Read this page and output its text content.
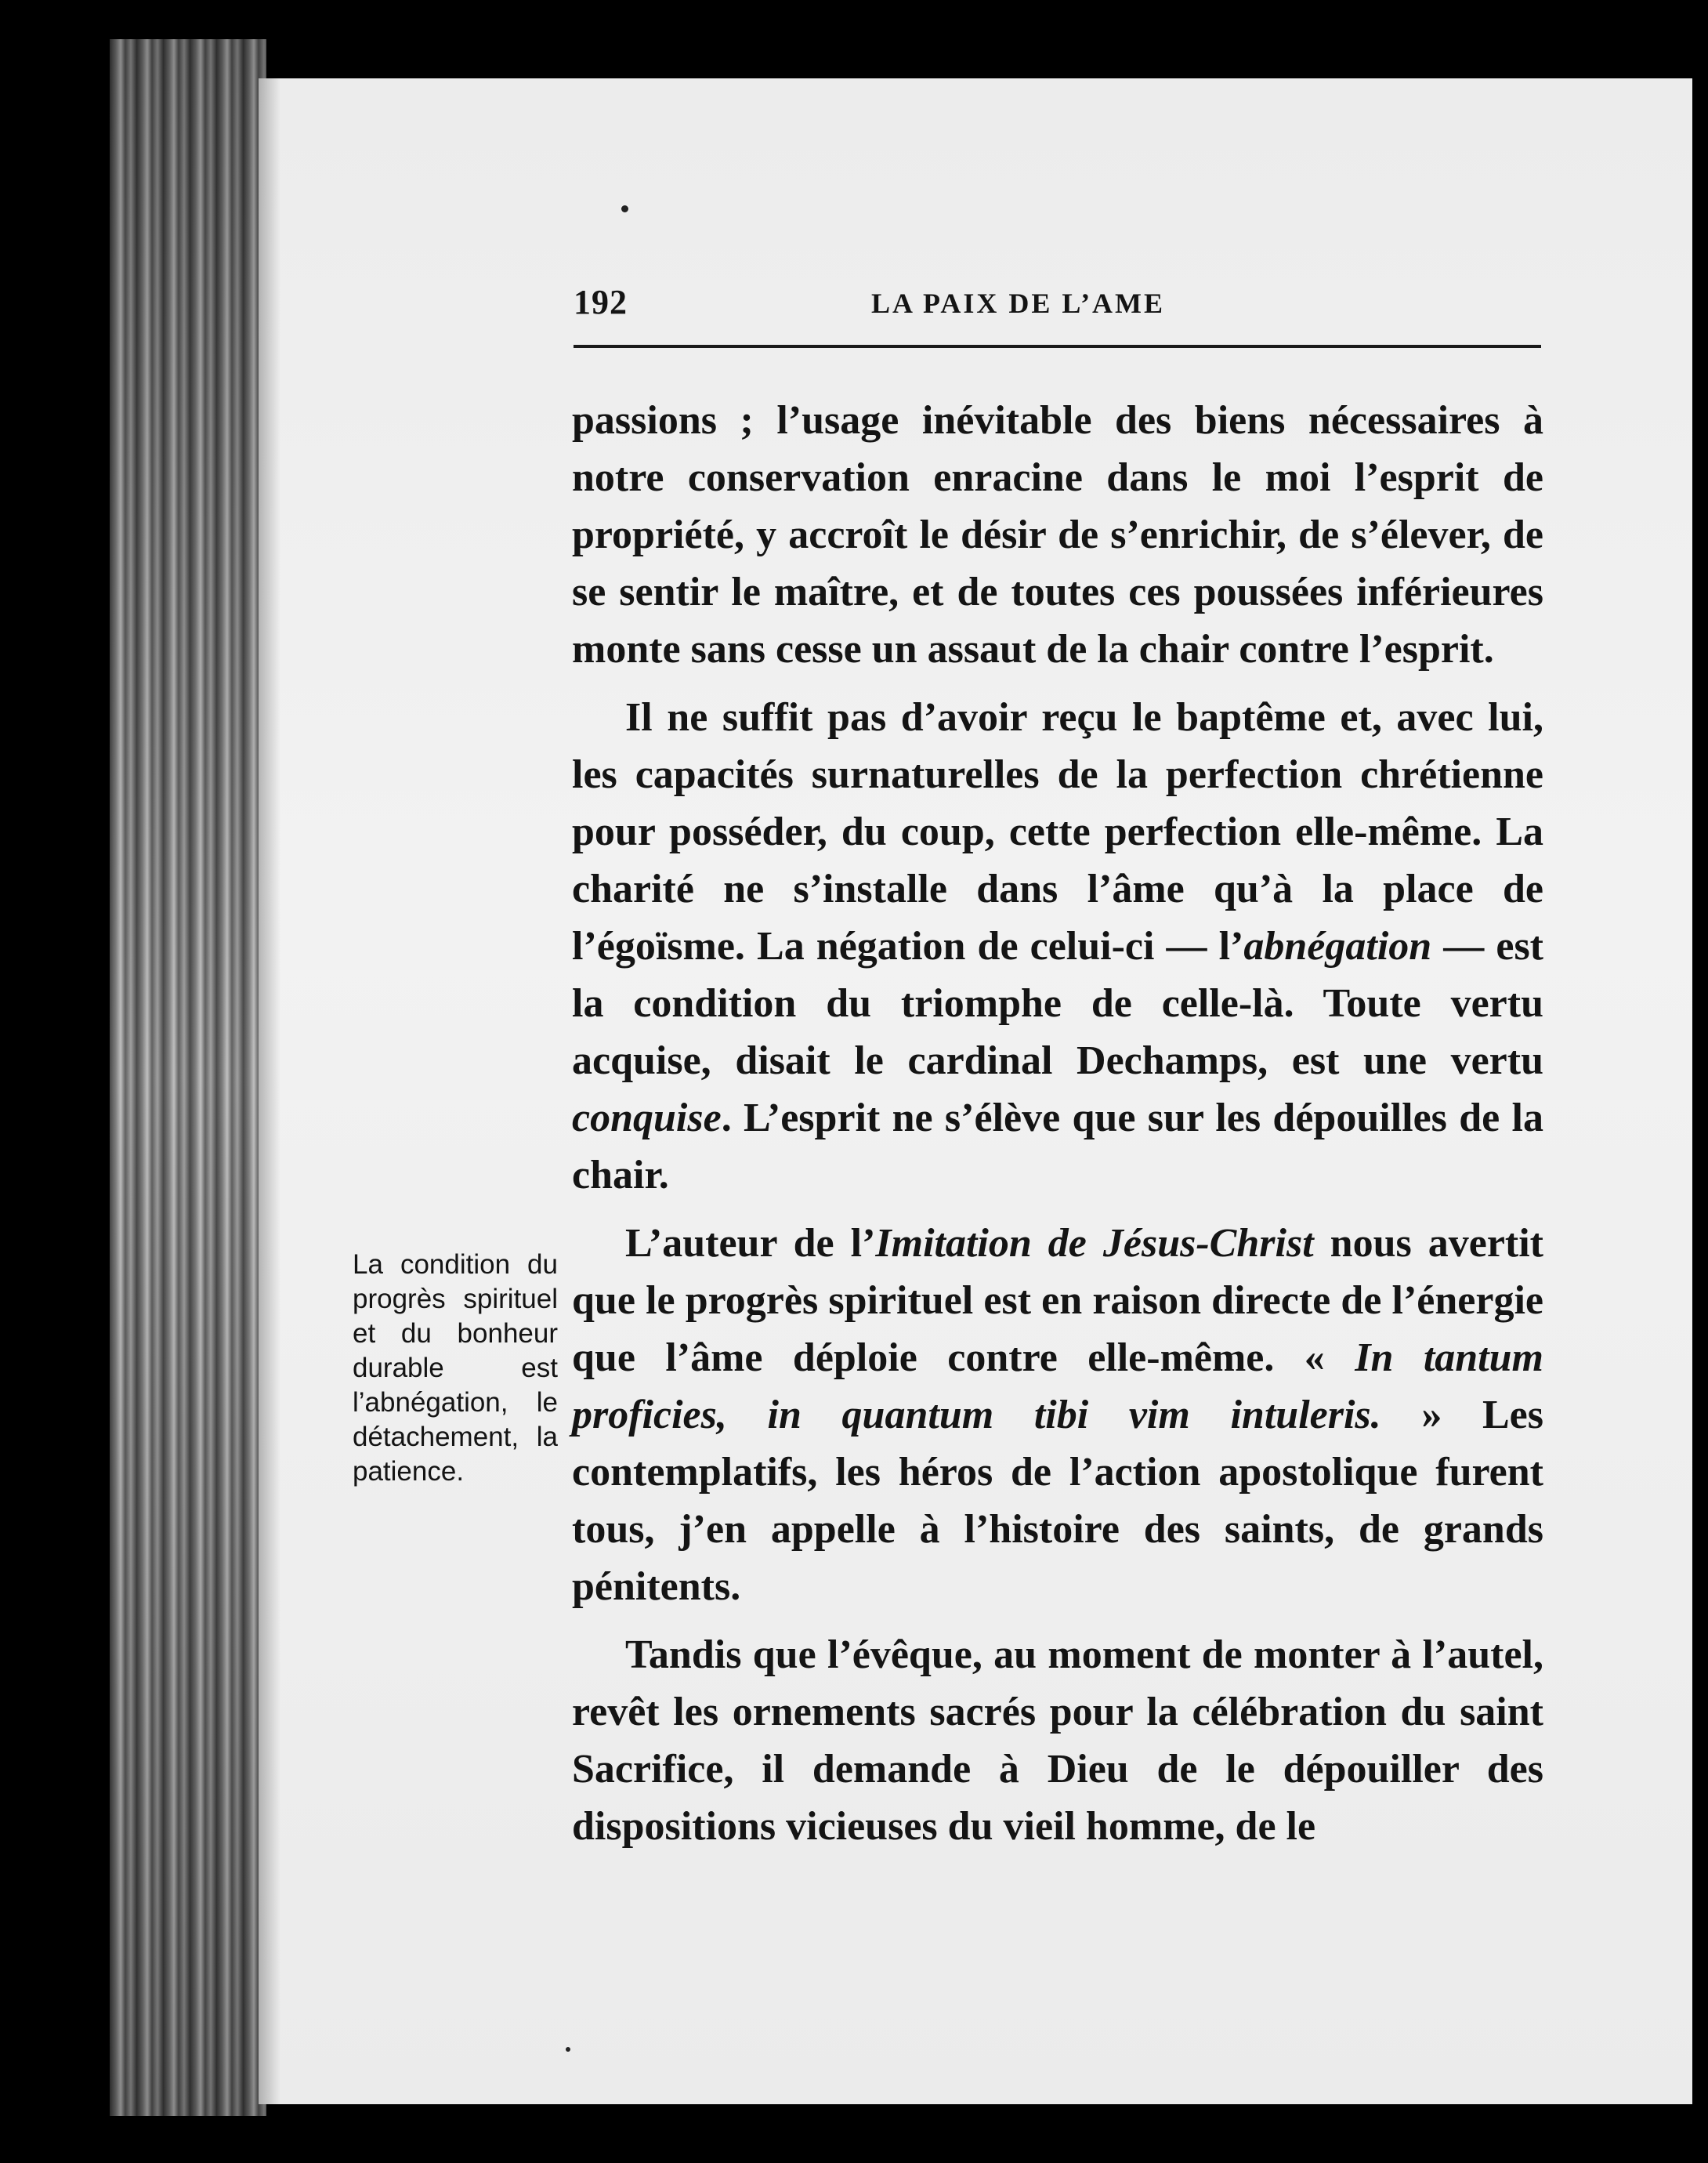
192	LA PAIX DE L’AME
La condition du progrès spirituel et du bonheur durable est l’abnégation, le détachement, la patience.

passions ; l’usage inévitable des biens nécessaires à notre conservation enracine dans le moi l’esprit de propriété, y accroît le désir de s’enrichir, de s’élever, de se sentir le maître, et de toutes ces poussées inférieures monte sans cesse un assaut de la chair contre l’esprit.

Il ne suffit pas d’avoir reçu le baptême et, avec lui, les capacités surnaturelles de la perfection chrétienne pour posséder, du coup, cette perfection elle-même. La charité ne s’installe dans l’âme qu’à la place de l’égoïsme. La négation de celui-ci — l’abnégation — est la condition du triomphe de celle-là. Toute vertu acquise, disait le cardinal Dechamps, est une vertu conquise. L’esprit ne s’élève que sur les dépouilles de la chair.

L’auteur de l’Imitation de Jésus-Christ nous avertit que le progrès spirituel est en raison directe de l’énergie que l’âme déploie contre elle-même. « In tantum proficies, in quantum tibi vim intuleris. » Les contemplatifs, les héros de l’action apostolique furent tous, j’en appelle à l’histoire des saints, de grands pénitents.

Tandis que l’évêque, au moment de monter à l’autel, revêt les ornements sacrés pour la célébration du saint Sacrifice, il demande à Dieu de le dépouiller des dispositions vicieuses du vieil homme, de le
